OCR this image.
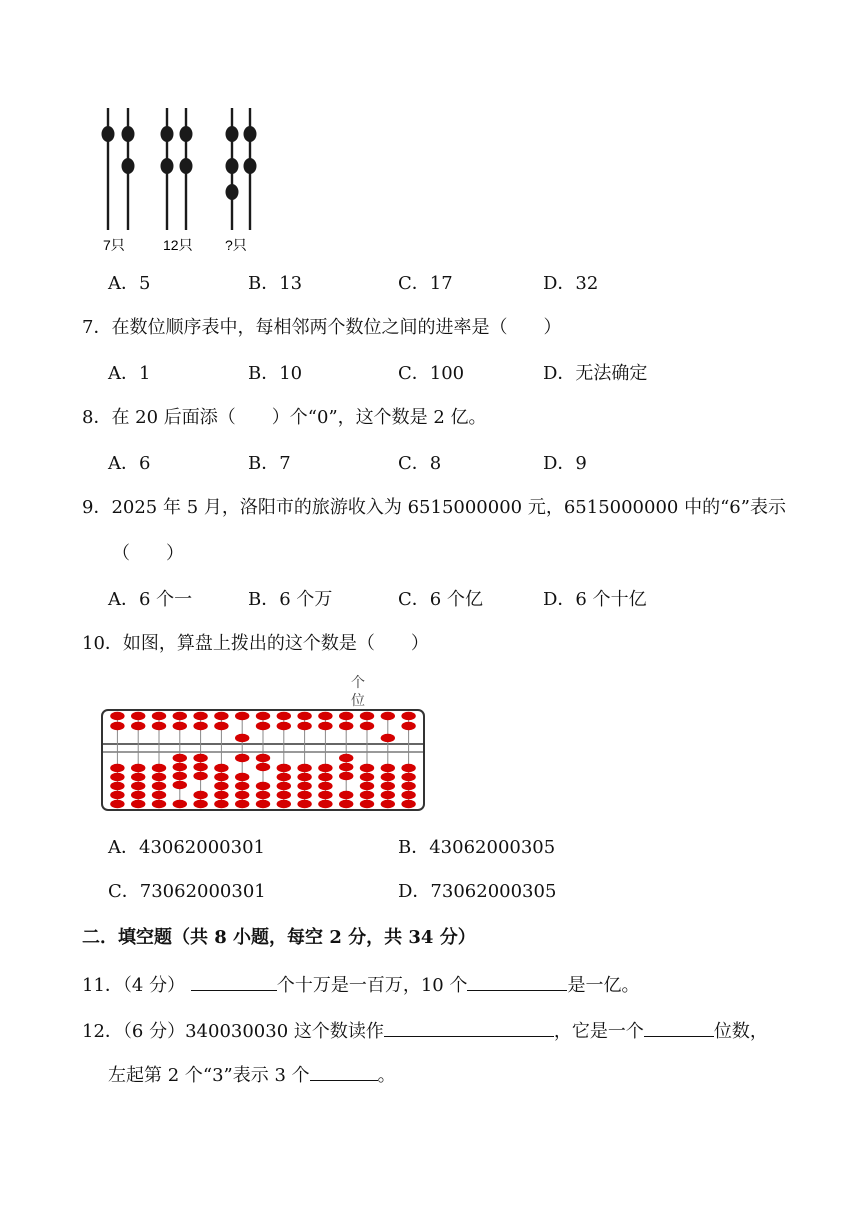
7只	12只 ?只
A．5	B．13	C．17	D．32
7．在数位顺序表中，每相邻两个数位之间的进率是（　　）
A．1	B．10	C．100	D．无法确定
8．在 20 后面添（　　）个“0”，这个数是 2 亿。
A．6	B．7	C．8	D．9
9．2025 年 5 月，洛阳市的旅游收入为 6515000000 元，6515000000 中的“6”表示
（　　）
A．6 个一	B．6 个万	C．6 个亿	D．6 个十亿
10．如图，算盘上拨出的这个数是（　　）
个
位
A．43062000301	B．43062000305
C．73062000301	D．73062000305
二．填空题（共 8 小题，每空 2 分，共 34 分）
11．（4 分）	个十万是一百万，10 个	是一亿。
12．（6 分）340030030 这个数读作	，它是一个	位数，
左起第 2 个“3”表示 3 个	。
